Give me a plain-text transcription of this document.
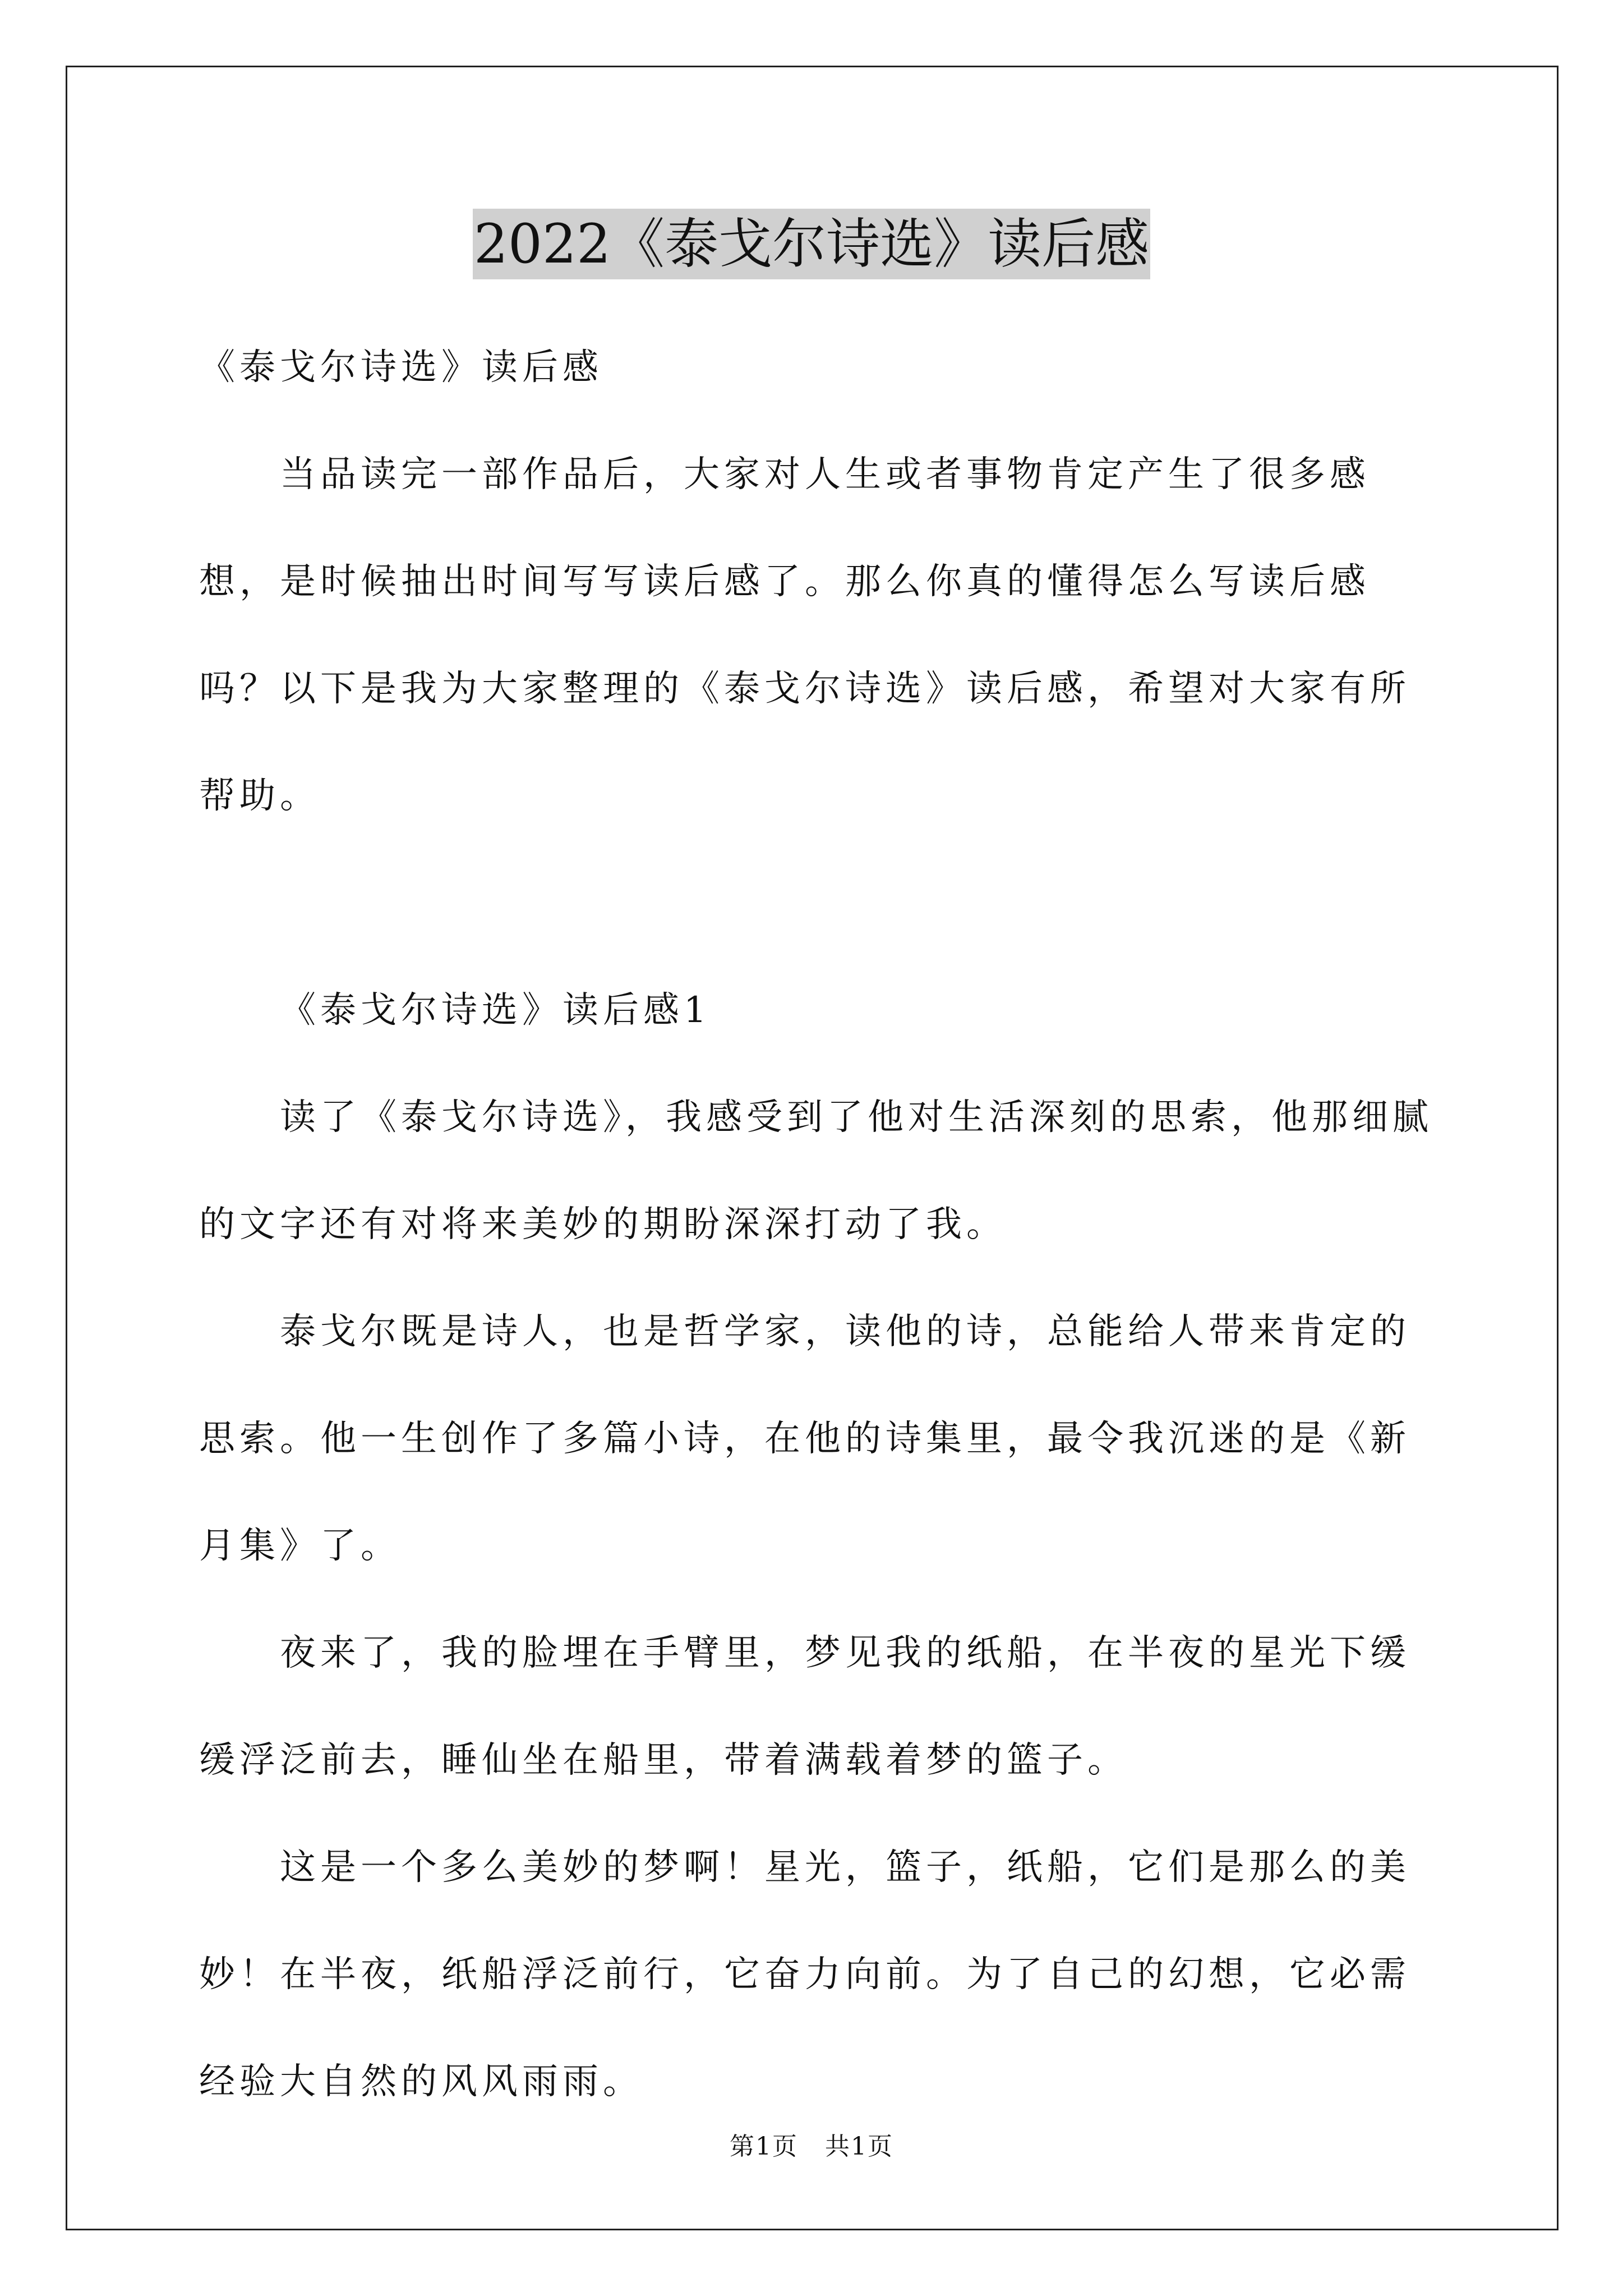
2022《泰戈尔诗选》读后感
《泰戈尔诗选》读后感

当品读完一部作品后，大家对人生或者事物肯定产生了很多感想，是时候抽出时间写写读后感了。那么你真的懂得怎么写读后感吗？以下是我为大家整理的《泰戈尔诗选》读后感，希望对大家有所帮助。

《泰戈尔诗选》读后感1

读了《泰戈尔诗选》，我感受到了他对生活深刻的思索，他那细腻的文字还有对将来美妙的期盼深深打动了我。

泰戈尔既是诗人，也是哲学家，读他的诗，总能给人带来肯定的思索。他一生创作了多篇小诗，在他的诗集里，最令我沉迷的是《新月集》了。

夜来了，我的脸埋在手臂里，梦见我的纸船，在半夜的星光下缓缓浮泛前去，睡仙坐在船里，带着满载着梦的篮子。

这是一个多么美妙的梦啊！星光，篮子，纸船，它们是那么的美妙！在半夜，纸船浮泛前行，它奋力向前。为了自己的幻想，它必需经验大自然的风风雨雨。

第1页 共1页
